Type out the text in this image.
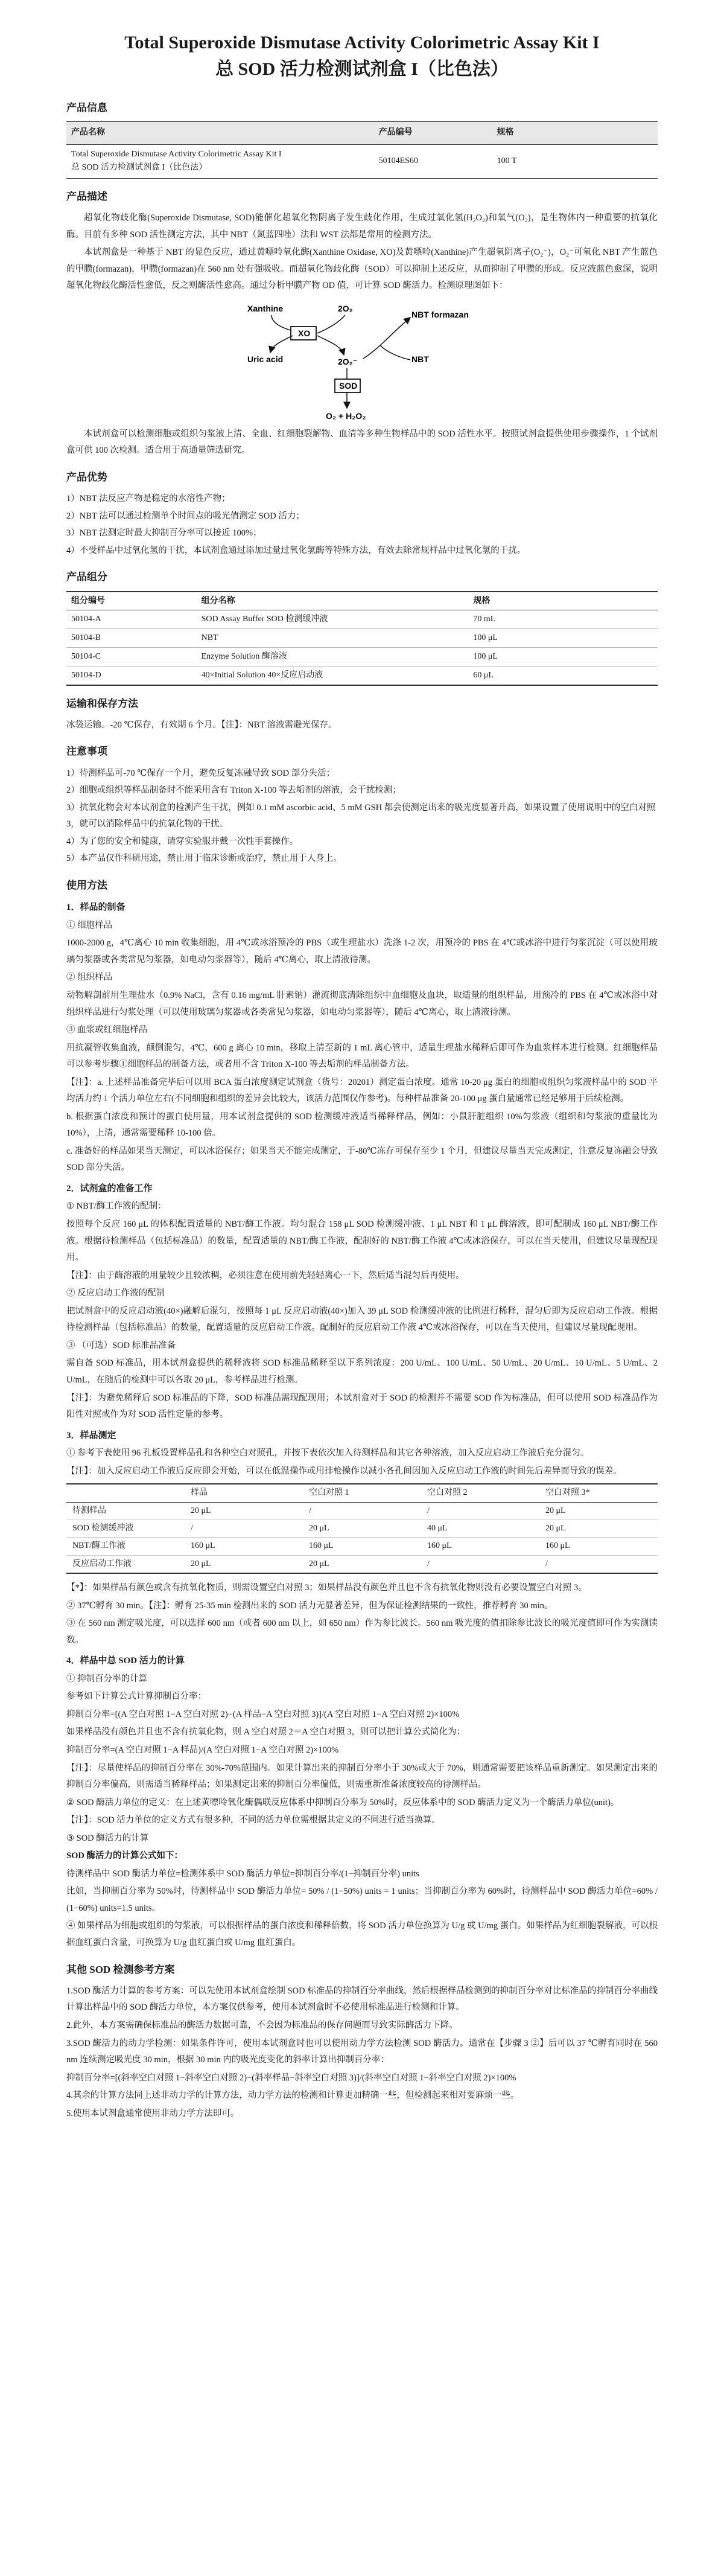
Total Superoxide Dismutase Activity Colorimetric Assay Kit I
总 SOD 活力检测试剂盒 I（比色法）
产品信息
产品名称	产品编号	规格

Total Superoxide Dismutase Activity Colorimetric Assay Kit I
总 SOD 活力检测试剂盒 I（比色法）	50104ES60	100 T
产品描述

超氧化物歧化酶(Superoxide Dismutase, SOD)能催化超氧化物阴离子发生歧化作用，生成过氧化氢(H₂O₂)和氧气(O₂)，是生物体内一种重要的抗氧化酶。目前有多种 SOD 活性测定方法，其中 NBT（氮蓝四唑）法和 WST 法都是常用的检测方法。

本试剂盒是一种基于 NBT 的显色反应，通过黄嘌呤氧化酶(Xanthine Oxidase, XO)及黄嘌呤(Xanthine)产生超氧阴离子(O₂⁻)，O₂⁻可氧化 NBT 产生蓝色的甲臜(formazan)，甲臜(formazan)在 560 nm 处有强吸收。而超氧化物歧化酶（SOD）可以抑制上述反应，从而抑制了甲臜的形成。反应液蓝色愈深，说明超氧化物歧化酶活性愈低，反之则酶活性愈高。通过分析甲臜产物 OD 值，可计算 SOD 酶活力。检测原理图如下：

Xanthine
XO
Uric acid
2O₂
2O₂⁻
NBT formazan
NBT
SOD
O₂ + H₂O₂

本试剂盒可以检测细胞或组织匀浆液上清、全血、红细胞裂解物、血清等多种生物样品中的 SOD 活性水平。按照试剂盒提供使用步骤操作，1 个试剂盒可供 100 次检测。适合用于高通量筛选研究。

产品优势
1）NBT 法反应产物是稳定的水溶性产物；
2）NBT 法可以通过检测单个时间点的吸光值测定 SOD 活力；
3）NBT 法测定时最大抑制百分率可以接近 100%；
4）不受样品中过氧化氢的干扰，本试剂盒通过添加过量过氧化氢酶等特殊方法，有效去除常规样品中过氧化氢的干扰。
产品组分
组分编号	组分名称	规格
50104-A	SOD Assay Buffer SOD 检测缓冲液	70 mL
50104-B	NBT	100 μL
50104-C	Enzyme Solution 酶溶液	100 μL
50104-D	40×Initial Solution 40×反应启动液	60 μL
运输和保存方法

冰袋运输。-20 ℃保存，有效期 6 个月。【注】：NBT 溶液需避光保存。

注意事项
1）待测样品可-70 ℃保存一个月，避免反复冻融导致 SOD 部分失活；
2）细胞或组织等样品制备时不能采用含有 Triton X-100 等去垢剂的溶液，会干扰检测；
3）抗氧化物会对本试剂盒的检测产生干扰，例如 0.1 mM ascorbic acid、5 mM GSH 都会使测定出来的吸光度显著升高，如果设置了使用说明中的空白对照 3，就可以消除样品中的抗氧化物的干扰。
4）为了您的安全和健康，请穿实验服并戴一次性手套操作。
5）本产品仅作科研用途，禁止用于临床诊断或治疗，禁止用于人身上。
使用方法
1．样品的制备

① 细胞样品

1000-2000 g，4℃离心 10 min 收集细胞，用 4℃或冰浴预冷的 PBS（或生理盐水）洗涤 1-2 次，用预冷的 PBS 在 4℃或冰浴中进行匀浆沉淀（可以使用玻璃匀浆器或各类常见匀浆器，如电动匀浆器等），随后 4℃离心，取上清液待测。

② 组织样品

动物解剖前用生理盐水（0.9% NaCl，含有 0.16 mg/mL 肝素钠）灌流彻底清除组织中血细胞及血块，取适量的组织样品，用预冷的 PBS 在 4℃或冰浴中对组织样品进行匀浆处理（可以使用玻璃匀浆器或各类常见匀浆器，如电动匀浆器等），随后 4℃离心，取上清液待测。

③ 血浆或红细胞样品

用抗凝管收集血液，颠倒混匀，4℃，600 g 离心 10 min，移取上清至新的 1 mL 离心管中，适量生理盐水稀释后即可作为血浆样本进行检测。红细胞样品可以参考步骤①细胞样品的制备方法，或者用不含 Triton X-100 等去垢剂的样品制备方法。

【注】：a. 上述样品准备完毕后可以用 BCA 蛋白浓度测定试剂盒（货号：20201）测定蛋白浓度。通常 10-20 μg 蛋白的细胞或组织匀浆液样品中的 SOD 平均活力约 1 个活力单位左右(不同细胞和组织的差异会比较大，该活力范围仅作参考)。每种样品准备 20-100 μg 蛋白量通常已经足够用于后续检测。

b. 根据蛋白浓度和预计的蛋白使用量，用本试剂盒提供的 SOD 检测缓冲液适当稀释样品，例如：小鼠肝脏组织 10%匀浆液（组织和匀浆液的重量比为 10%），上清，通常需要稀释 10-100 倍。

c. 准备好的样品如果当天测定，可以冰浴保存；如果当天不能完成测定，于-80℃冻存可保存至少 1 个月，但建议尽量当天完成测定，注意反复冻融会导致 SOD 部分失活。

2．试剂盒的准备工作

① NBT/酶工作液的配制：

按照每个反应 160 μL 的体积配置适量的 NBT/酶工作液。均匀混合 158 μL SOD 检测缓冲液、1 μL NBT 和 1 μL 酶溶液，即可配制成 160 μL NBT/酶工作液。根据待检测样品（包括标准品）的数量，配置适量的 NBT/酶工作液，配制好的 NBT/酶工作液 4℃或冰浴保存，可以在当天使用，但建议尽量现配现用。

【注】：由于酶溶液的用量较少且较浓稠，必须注意在使用前先轻轻离心一下，然后适当混匀后再使用。

② 反应启动工作液的配制

把试剂盒中的反应启动液(40×)融解后混匀，按照每 1 μL 反应启动液(40×)加入 39 μL SOD 检测缓冲液的比例进行稀释，混匀后即为反应启动工作液。根据待检测样品（包括标准品）的数量，配置适量的反应启动工作液。配制好的反应启动工作液 4℃或冰浴保存，可以在当天使用，但建议尽量现配现用。

③ （可选）SOD 标准品准备

需自备 SOD 标准品，用本试剂盒提供的稀释液将 SOD 标准品稀释至以下系列浓度：200 U/mL、100 U/mL、50 U/mL、20 U/mL、10 U/mL、5 U/mL、2 U/mL，在随后的检测中可以各取 20 μL，参考样品进行检测。

【注】：为避免稀释后 SOD 标准品的下降，SOD 标准品需现配现用；本试剂盒对于 SOD 的检测并不需要 SOD 作为标准品，但可以使用 SOD 标准品作为阳性对照或作为对 SOD 活性定量的参考。

3．样品测定

① 参考下表使用 96 孔板设置样品孔和各种空白对照孔，并按下表依次加入待测样品和其它各种溶液，加入反应启动工作液后充分混匀。

【注】：加入反应启动工作液后反应即会开始，可以在低温操作或用排枪操作以减小各孔间因加入反应启动工作液的时间先后差异而导致的误差。

	样品	空白对照 1	空白对照 2	空白对照 3*
待测样品	20 μL	/	/	20 μL
SOD 检测缓冲液	/	20 μL	40 μL	20 μL
NBT/酶工作液	160 μL	160 μL	160 μL	160 μL
反应启动工作液	20 μL	20 μL	/	/

【*】：如果样品有颜色或含有抗氧化物质，则需设置空白对照 3；如果样品没有颜色并且也不含有抗氧化物则没有必要设置空白对照 3。

② 37℃孵育 30 min。【注】：孵育 25-35 min 检测出来的 SOD 活力无显著差异，但为保证检测结果的一致性，推荐孵育 30 min。

③ 在 560 nm 测定吸光度，可以选择 600 nm（或者 600 nm 以上，如 650 nm）作为参比波长。560 nm 吸光度的值扣除参比波长的吸光度值即可作为实测读数。

4．样品中总 SOD 活力的计算

① 抑制百分率的计算

参考如下计算公式计算抑制百分率：

抑制百分率=[(A 空白对照 1−A 空白对照 2)−(A 样品−A 空白对照 3)]/(A 空白对照 1−A 空白对照 2)×100%

如果样品没有颜色并且也不含有抗氧化物，则 A 空白对照 2＝A 空白对照 3，则可以把计算公式简化为：

抑制百分率=(A 空白对照 1−A 样品)/(A 空白对照 1−A 空白对照 2)×100%

【注】：尽量使样品的抑制百分率在 30%-70%范围内。如果计算出来的抑制百分率小于 30%或大于 70%，则通常需要把该样品重新测定。如果测定出来的抑制百分率偏高，则需适当稀释样品；如果测定出来的抑制百分率偏低，则需重新准备浓度较高的待测样品。

② SOD 酶活力单位的定义：在上述黄嘌呤氧化酶偶联反应体系中抑制百分率为 50%时，反应体系中的 SOD 酶活力定义为一个酶活力单位(unit)。

【注】：SOD 活力单位的定义方式有很多种，不同的活力单位需根据其定义的不同进行适当换算。

③ SOD 酶活力的计算

SOD 酶活力的计算公式如下：

待测样品中 SOD 酶活力单位=检测体系中 SOD 酶活力单位=抑制百分率/(1−抑制百分率) units

比如，当抑制百分率为 50%时，待测样品中 SOD 酶活力单位= 50% / (1−50%) units = 1 units；当抑制百分率为 60%时，待测样品中 SOD 酶活力单位=60% / (1−60%) units=1.5 units。

④ 如果样品为细胞或组织的匀浆液，可以根据样品的蛋白浓度和稀释倍数，将 SOD 活力单位换算为 U/g 或 U/mg 蛋白。如果样品为红细胞裂解液，可以根据血红蛋白含量，可换算为 U/g 血红蛋白或 U/mg 血红蛋白。

其他 SOD 检测参考方案

1.SOD 酶活力计算的参考方案：可以先使用本试剂盒绘制 SOD 标准品的抑制百分率曲线，然后根据样品检测到的抑制百分率对比标准品的抑制百分率曲线计算出样品中的 SOD 酶活力单位，本方案仅供参考，使用本试剂盒时不必使用标准品进行检测和计算。

2.此外，本方案需确保标准品的酶活力数据可靠，不会因为标准品的保存问题而导致实际酶活力下降。

3.SOD 酶活力的动力学检测：如果条件许可，使用本试剂盒时也可以使用动力学方法检测 SOD 酶活力。通常在【步骤 3 ②】后可以 37 ℃孵育同时在 560 nm 连续测定吸光度 30 min，根据 30 min 内的吸光度变化的斜率计算出抑制百分率：

抑制百分率=[(斜率空白对照 1−斜率空白对照 2)−(斜率样品−斜率空白对照 3)]/(斜率空白对照 1−斜率空白对照 2)×100%

4.其余的计算方法同上述非动力学的计算方法，动力学方法的检测和计算更加精确一些，但检测起来相对要麻烦一些。

5.使用本试剂盒通常使用非动力学方法即可。
